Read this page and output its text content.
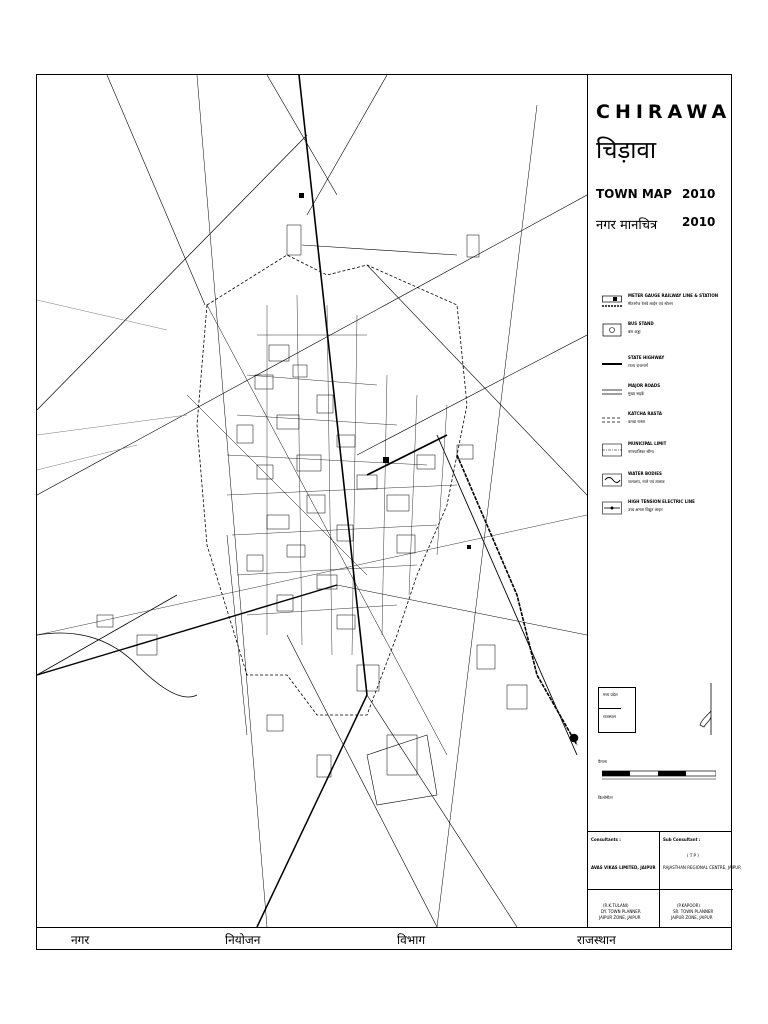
CHIRAWA
चिड़ावा
TOWN MAP 2010
नगर मानचित्र 2010
METER GAUGE RAILWAY LINE & STATION
मीटरगेज रेलवे लाईन एवं स्टेशन
BUS STAND
बस अड्डा
STATE HIGHWAY
राज्य राजमार्ग
MAJOR ROADS
मुख्य सड़कें
KATCHA RASTA
कच्चा रास्ता
MUNICIPAL LIMIT
नगरपालिका सीमा
WATER BODIES
जलाशय, नाले एवं तालाब
HIGH TENSION ELECTRIC LINE
उच्च क्षमता विद्युत लाइन
मध्य प्रदेश
राजस्थान
पैमाना
किलोमीटर
Consultants :
AVAS VIKAS LIMITED, JAIPUR
Sub Consultant :
( T P )
RAJASTHAN REGIONAL CENTRE, JAIPUR
(R.K.TULANI)
DY. TOWN PLANNER
JAIPUR ZONE, JAIPUR
(P.KAPOOR)
SR. TOWN PLANNER
JAIPUR ZONE, JAIPUR
नगर	नियोजन	विभाग	राजस्थान
